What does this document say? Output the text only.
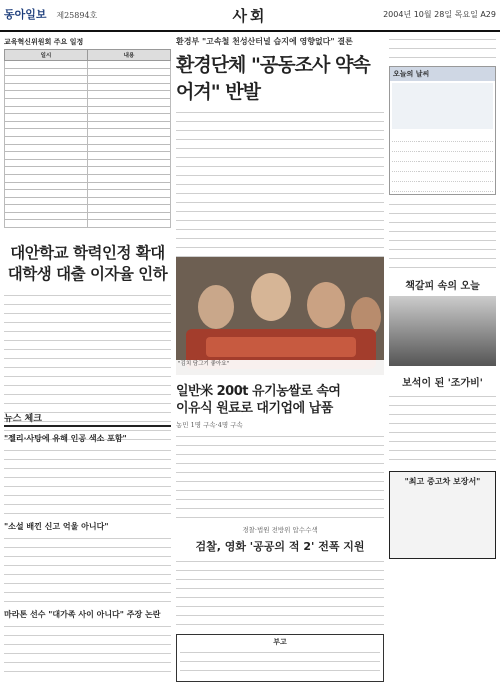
동아일보 제25894호	사회	2004년 10월 28일 목요일 A29
교육혁신위원회 주요 일정
일시	내용

대안학교 학력인정 확대
대학생 대출 이자율 인하
뉴스 체크
"젤리·사탕에 유해 인공 색소 포함"
"소설 배낀 신고 억울 아니다"
마라톤 선수 "대가족 사이 아니다" 주장 논란
환경부 "고속철 천성산터널 습지에 영향없다" 결론
환경단체 "공동조사 약속어겨" 반발
"김치 담그기 좋아요"
일반米 200t 유기농쌀로 속여
이유식 원료로 대기업에 납품
농민 1명 구속·4명 구속
경찰·법원 전방위 압수수색
검찰, 영화 '공공의 적 2' 전폭 지원
부고
오늘의 날씨
책갈피 속의 오늘
보석이 된 '조가비'
"최고 중고차 보장서"
